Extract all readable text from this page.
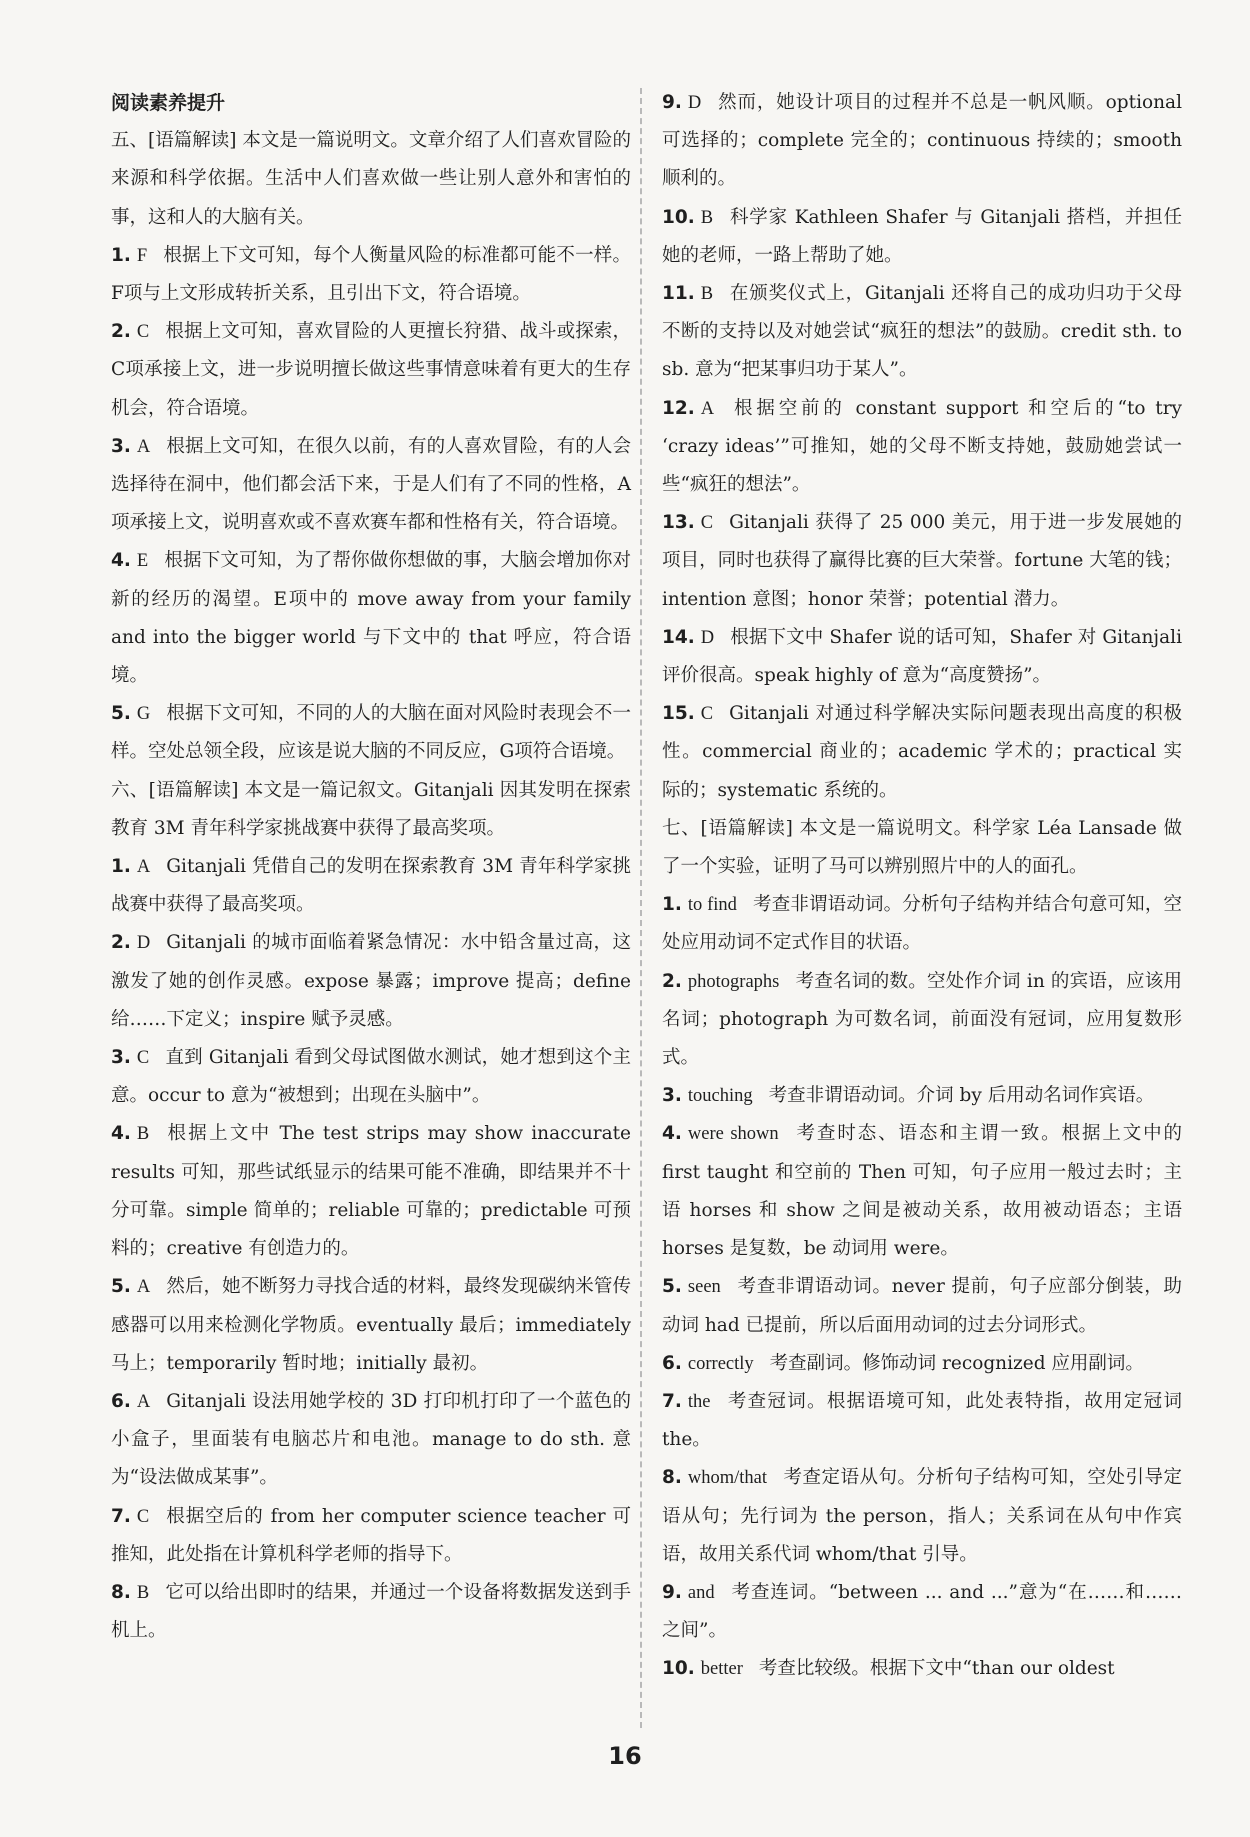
阅读素养提升
五、[语篇解读] 本文是一篇说明文。文章介绍了人们喜欢冒险的来源和科学依据。生活中人们喜欢做一些让别人意外和害怕的事，这和人的大脑有关。
1. F 根据上下文可知，每个人衡量风险的标准都可能不一样。F项与上文形成转折关系，且引出下文，符合语境。
2. C 根据上文可知，喜欢冒险的人更擅长狩猎、战斗或探索，C项承接上文，进一步说明擅长做这些事情意味着有更大的生存机会，符合语境。
3. A 根据上文可知，在很久以前，有的人喜欢冒险，有的人会选择待在洞中，他们都会活下来，于是人们有了不同的性格，A项承接上文，说明喜欢或不喜欢赛车都和性格有关，符合语境。
4. E 根据下文可知，为了帮你做你想做的事，大脑会增加你对新的经历的渴望。E项中的 move away from your family and into the bigger world 与下文中的 that 呼应，符合语境。
5. G 根据下文可知，不同的人的大脑在面对风险时表现会不一样。空处总领全段，应该是说大脑的不同反应，G项符合语境。
六、[语篇解读] 本文是一篇记叙文。Gitanjali 因其发明在探索教育 3M 青年科学家挑战赛中获得了最高奖项。
1. A Gitanjali 凭借自己的发明在探索教育 3M 青年科学家挑战赛中获得了最高奖项。
2. D Gitanjali 的城市面临着紧急情况：水中铅含量过高，这激发了她的创作灵感。expose 暴露；improve 提高；define 给……下定义；inspire 赋予灵感。
3. C 直到 Gitanjali 看到父母试图做水测试，她才想到这个主意。occur to 意为“被想到；出现在头脑中”。
4. B 根据上文中 The test strips may show inaccurate results 可知，那些试纸显示的结果可能不准确，即结果并不十分可靠。simple 简单的；reliable 可靠的；predictable 可预料的；creative 有创造力的。
5. A 然后，她不断努力寻找合适的材料，最终发现碳纳米管传感器可以用来检测化学物质。eventually 最后；immediately 马上；temporarily 暂时地；initially 最初。
6. A Gitanjali 设法用她学校的 3D 打印机打印了一个蓝色的小盒子，里面装有电脑芯片和电池。manage to do sth. 意为“设法做成某事”。
7. C 根据空后的 from her computer science teacher 可推知，此处指在计算机科学老师的指导下。
8. B 它可以给出即时的结果，并通过一个设备将数据发送到手机上。
9. D 然而，她设计项目的过程并不总是一帆风顺。optional 可选择的；complete 完全的；continuous 持续的；smooth 顺利的。
10. B 科学家 Kathleen Shafer 与 Gitanjali 搭档，并担任她的老师，一路上帮助了她。
11. B 在颁奖仪式上，Gitanjali 还将自己的成功归功于父母不断的支持以及对她尝试“疯狂的想法”的鼓励。credit sth. to sb. 意为“把某事归功于某人”。
12. A 根据空前的 constant support 和空后的“to try ‘crazy ideas’”可推知，她的父母不断支持她，鼓励她尝试一些“疯狂的想法”。
13. C Gitanjali 获得了 25 000 美元，用于进一步发展她的项目，同时也获得了赢得比赛的巨大荣誉。fortune 大笔的钱；intention 意图；honor 荣誉；potential 潜力。
14. D 根据下文中 Shafer 说的话可知，Shafer 对 Gitanjali 评价很高。speak highly of 意为“高度赞扬”。
15. C Gitanjali 对通过科学解决实际问题表现出高度的积极性。commercial 商业的；academic 学术的；practical 实际的；systematic 系统的。
七、[语篇解读] 本文是一篇说明文。科学家 Léa Lansade 做了一个实验，证明了马可以辨别照片中的人的面孔。
1. to find 考查非谓语动词。分析句子结构并结合句意可知，空处应用动词不定式作目的状语。
2. photographs 考查名词的数。空处作介词 in 的宾语，应该用名词；photograph 为可数名词，前面没有冠词，应用复数形式。
3. touching 考查非谓语动词。介词 by 后用动名词作宾语。
4. were shown 考查时态、语态和主谓一致。根据上文中的 first taught 和空前的 Then 可知，句子应用一般过去时；主语 horses 和 show 之间是被动关系，故用被动语态；主语 horses 是复数，be 动词用 were。
5. seen 考查非谓语动词。never 提前，句子应部分倒装，助动词 had 已提前，所以后面用动词的过去分词形式。
6. correctly 考查副词。修饰动词 recognized 应用副词。
7. the 考查冠词。根据语境可知，此处表特指，故用定冠词 the。
8. whom/that 考查定语从句。分析句子结构可知，空处引导定语从句；先行词为 the person，指人；关系词在从句中作宾语，故用关系代词 whom/that 引导。
9. and 考查连词。“between ... and ...”意为“在……和……之间”。
10. better 考查比较级。根据下文中“than our oldest
16
